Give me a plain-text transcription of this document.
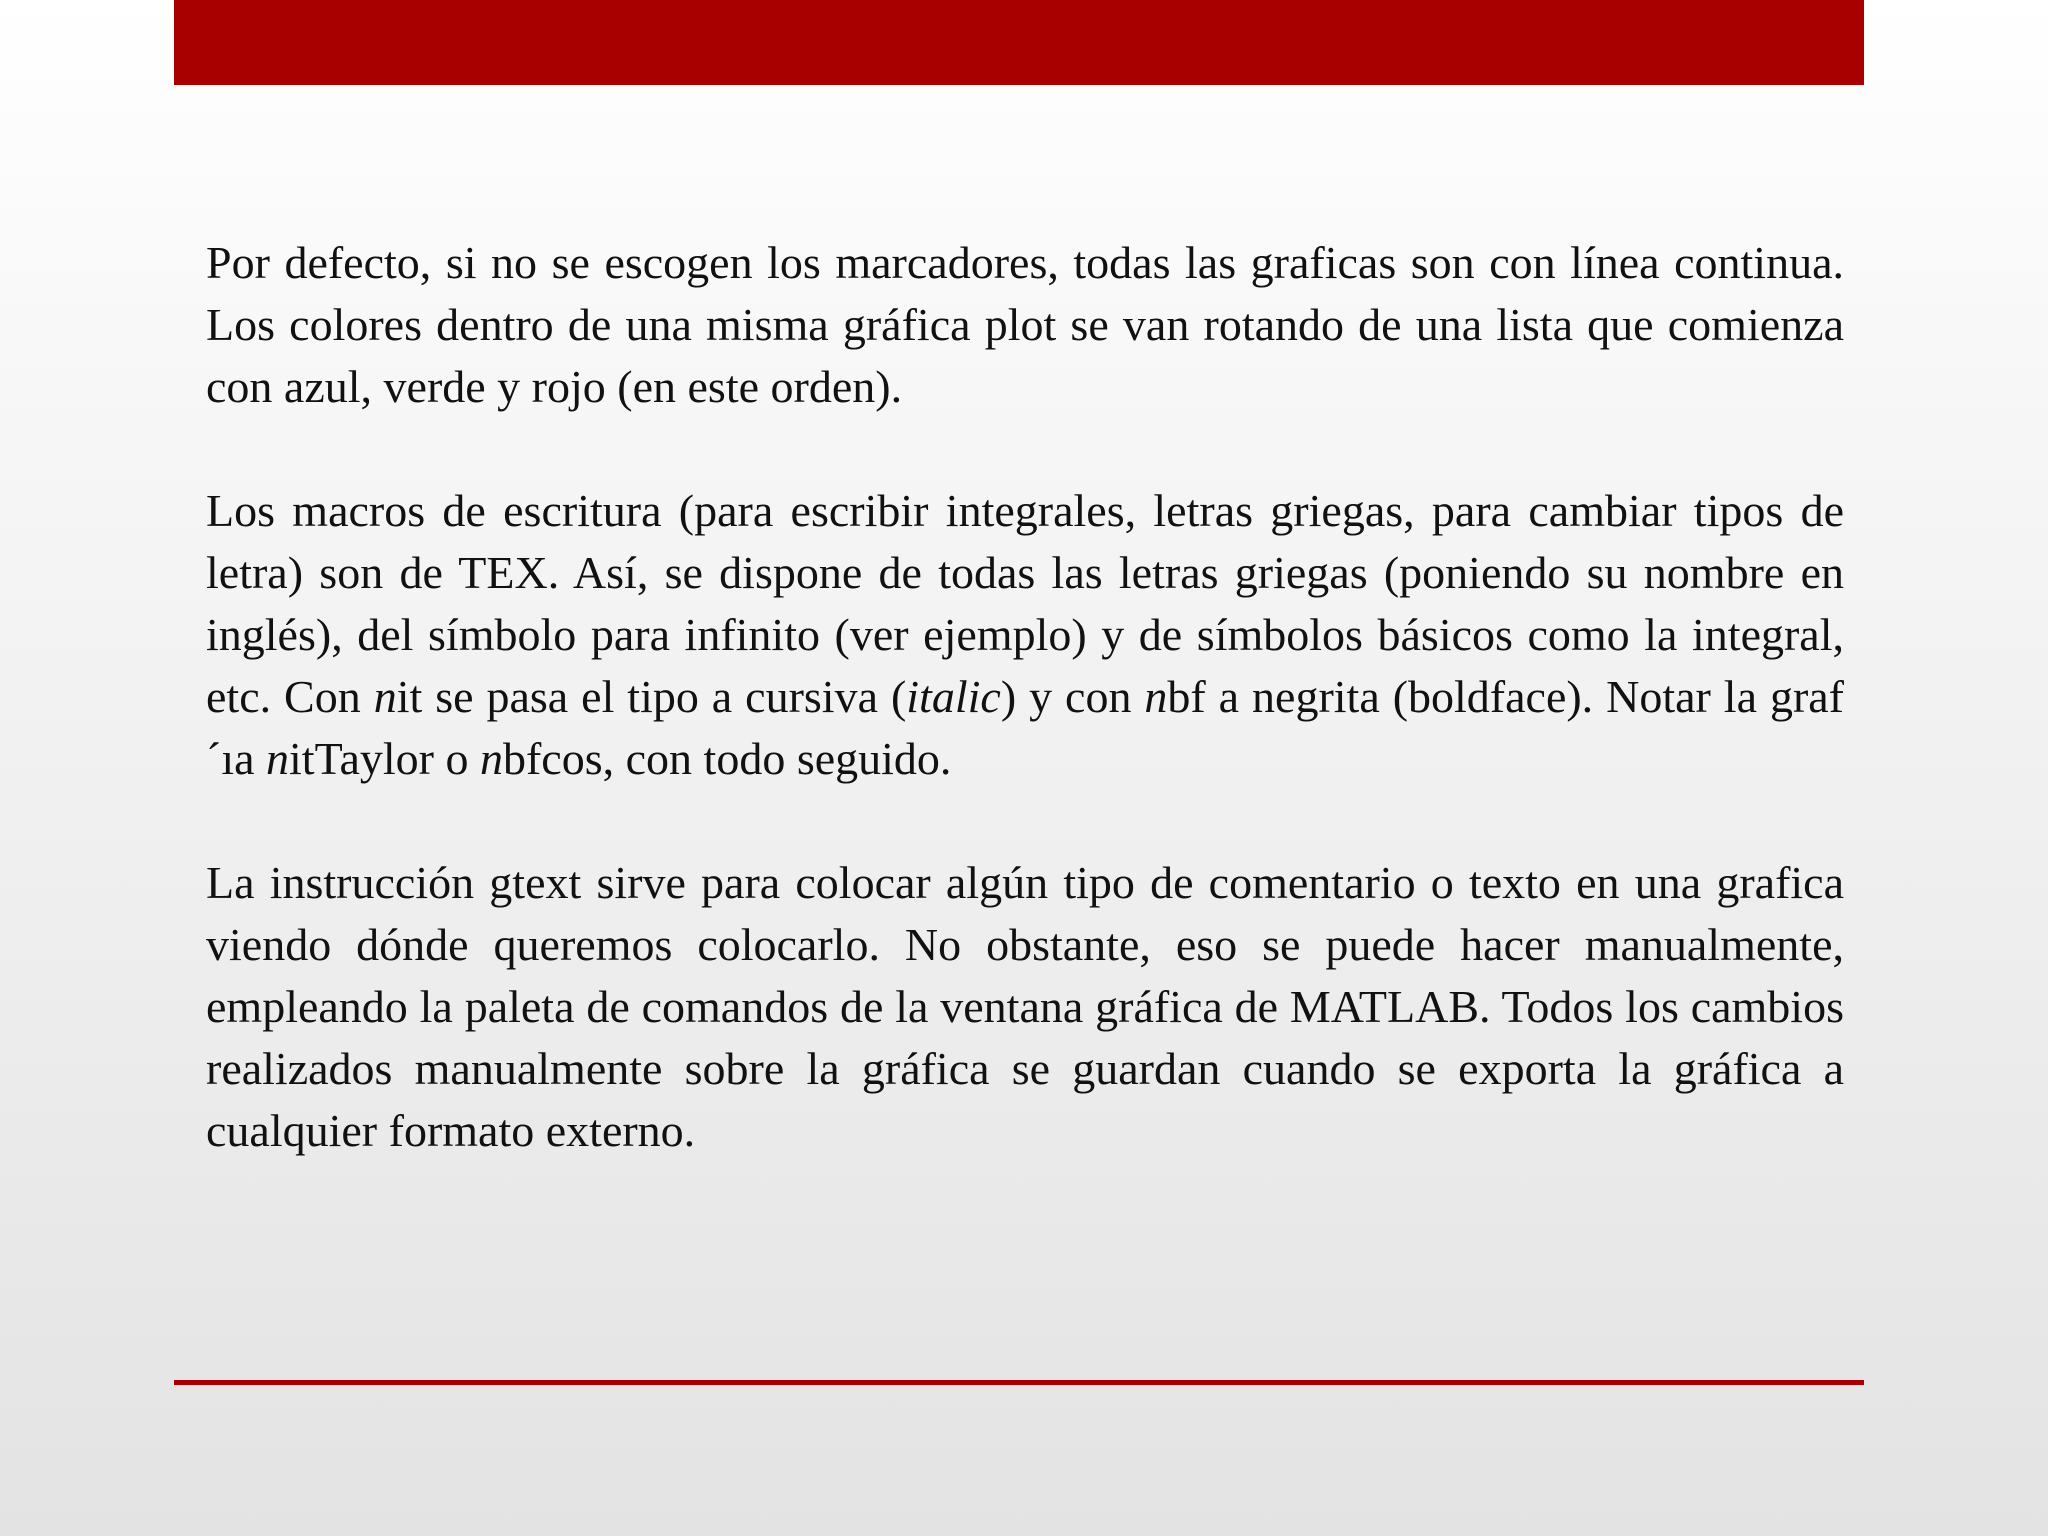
Por defecto, si no se escogen los marcadores, todas las graficas son con línea continua. Los colores dentro de una misma gráfica plot se van rotando de una lista que comienza con azul, verde y rojo (en este orden).

Los macros de escritura (para escribir integrales, letras griegas, para cambiar tipos de letra) son de TEX. Así, se dispone de todas las letras griegas (poniendo su nombre en inglés), del símbolo para infinito (ver ejemplo) y de símbolos básicos como la integral, etc. Con nit se pasa el tipo a cursiva (italic) y con nbf a negrita (boldface). Notar la graf´ıa nitTaylor o nbfcos, con todo seguido.

La instrucción gtext sirve para colocar algún tipo de comentario o texto en una grafica viendo dónde queremos colocarlo. No obstante, eso se puede hacer manualmente, empleando la paleta de comandos de la ventana gráfica de MATLAB. Todos los cambios realizados manualmente sobre la gráfica se guardan cuando se exporta la gráfica a cualquier formato externo.
